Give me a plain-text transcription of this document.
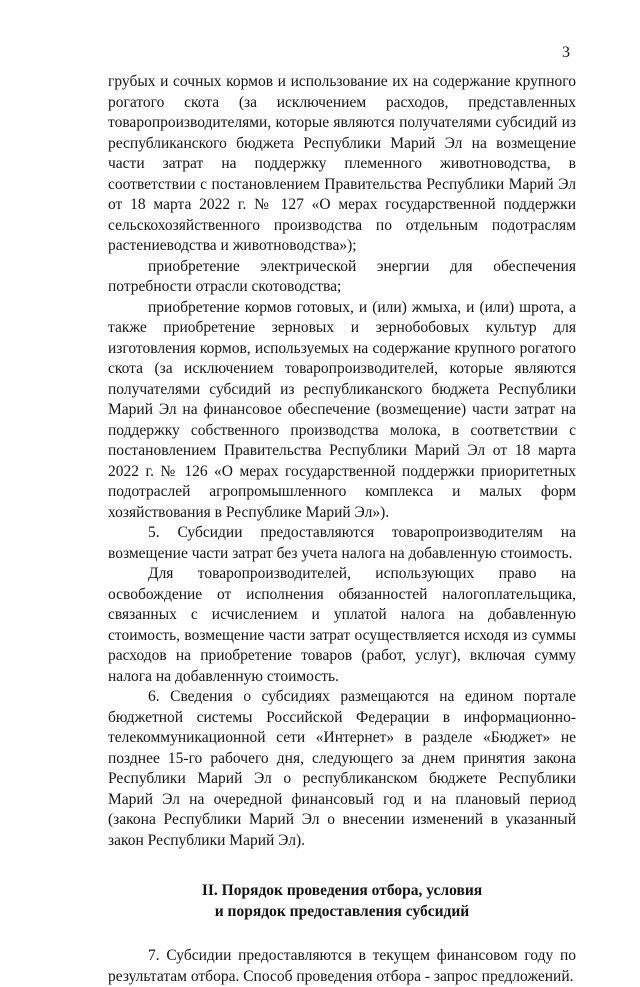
3

грубых и сочных кормов и использование их на содержание крупного рогатого скота (за исключением расходов, представленных товаропроизводителями, которые являются получателями субсидий из республиканского бюджета Республики Марий Эл на возмещение части затрат на поддержку племенного животноводства, в соответствии с постановлением Правительства Республики Марий Эл от 18 марта 2022 г. № 127 «О мерах государственной поддержки сельскохозяйственного производства по отдельным подотраслям растениеводства и животноводства»);

приобретение электрической энергии для обеспечения потребности отрасли скотоводства;

приобретение кормов готовых, и (или) жмыха, и (или) шрота, а также приобретение зерновых и зернобобовых культур для изготовления кормов, используемых на содержание крупного рогатого скота (за исключением товаропроизводителей, которые являются получателями субсидий из республиканского бюджета Республики Марий Эл на финансовое обеспечение (возмещение) части затрат на поддержку собственного производства молока, в соответствии с постановлением Правительства Республики Марий Эл от 18 марта 2022 г. № 126 «О мерах государственной поддержки приоритетных подотраслей агропромышленного комплекса и малых форм хозяйствования в Республике Марий Эл»).

5. Субсидии предоставляются товаропроизводителям на возмещение части затрат без учета налога на добавленную стоимость.

Для товаропроизводителей, использующих право на освобождение от исполнения обязанностей налогоплательщика, связанных с исчислением и уплатой налога на добавленную стоимость, возмещение части затрат осуществляется исходя из суммы расходов на приобретение товаров (работ, услуг), включая сумму налога на добавленную стоимость.

6. Сведения о субсидиях размещаются на едином портале бюджетной системы Российской Федерации в информационно-телекоммуникационной сети «Интернет» в разделе «Бюджет» не позднее 15-го рабочего дня, следующего за днем принятия закона Республики Марий Эл о республиканском бюджете Республики Марий Эл на очередной финансовый год и на плановый период (закона Республики Марий Эл о внесении изменений в указанный закон Республики Марий Эл).

II. Порядок проведения отбора, условия
и порядок предоставления субсидий

7. Субсидии предоставляются в текущем финансовом году по результатам отбора. Способ проведения отбора - запрос предложений.
